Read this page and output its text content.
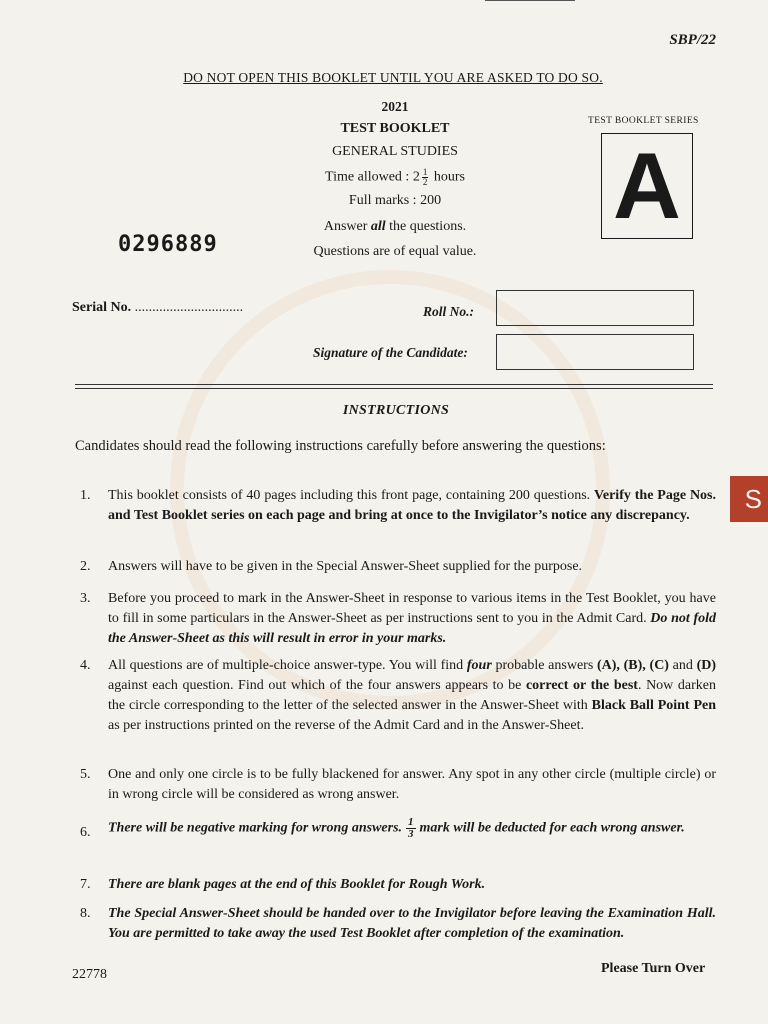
SBP/22
DO NOT OPEN THIS BOOKLET UNTIL YOU ARE ASKED TO DO SO.
2021
TEST BOOKLET
GENERAL STUDIES
Time allowed : $2 \frac{1}{2}$ hours
Full marks : 200
Answer all the questions.
Questions are of equal value.
TEST BOOKLET SERIES
A
0296889
Serial No. ...............................	Roll No.:
Signature of the Candidate:
INSTRUCTIONS
Candidates should read the following instructions carefully before answering the questions:
1. This booklet consists of 40 pages including this front page, containing 200 questions. Verify the Page Nos. and Test Booklet series on each page and bring at once to the Invigilator’s notice any discrepancy.
2. Answers will have to be given in the Special Answer-Sheet supplied for the purpose.
3. Before you proceed to mark in the Answer-Sheet in response to various items in the Test Booklet, you have to fill in some particulars in the Answer-Sheet as per instructions sent to you in the Admit Card. Do not fold the Answer-Sheet as this will result in error in your marks.
4. All questions are of multiple-choice answer-type. You will find four probable answers (A), (B), (C) and (D) against each question. Find out which of the four answers appears to be correct or the best. Now darken the circle corresponding to the letter of the selected answer in the Answer-Sheet with Black Ball Point Pen as per instructions printed on the reverse of the Admit Card and in the Answer-Sheet.
5. One and only one circle is to be fully blackened for answer. Any spot in any other circle (multiple circle) or in wrong circle will be considered as wrong answer.
6. There will be negative marking for wrong answers. $\frac{1}{3}$ mark will be deducted for each wrong answer.
7. There are blank pages at the end of this Booklet for Rough Work.
8. The Special Answer-Sheet should be handed over to the Invigilator before leaving the Examination Hall. You are permitted to take away the used Test Booklet after completion of the examination.
22778	Please Turn Over
S
